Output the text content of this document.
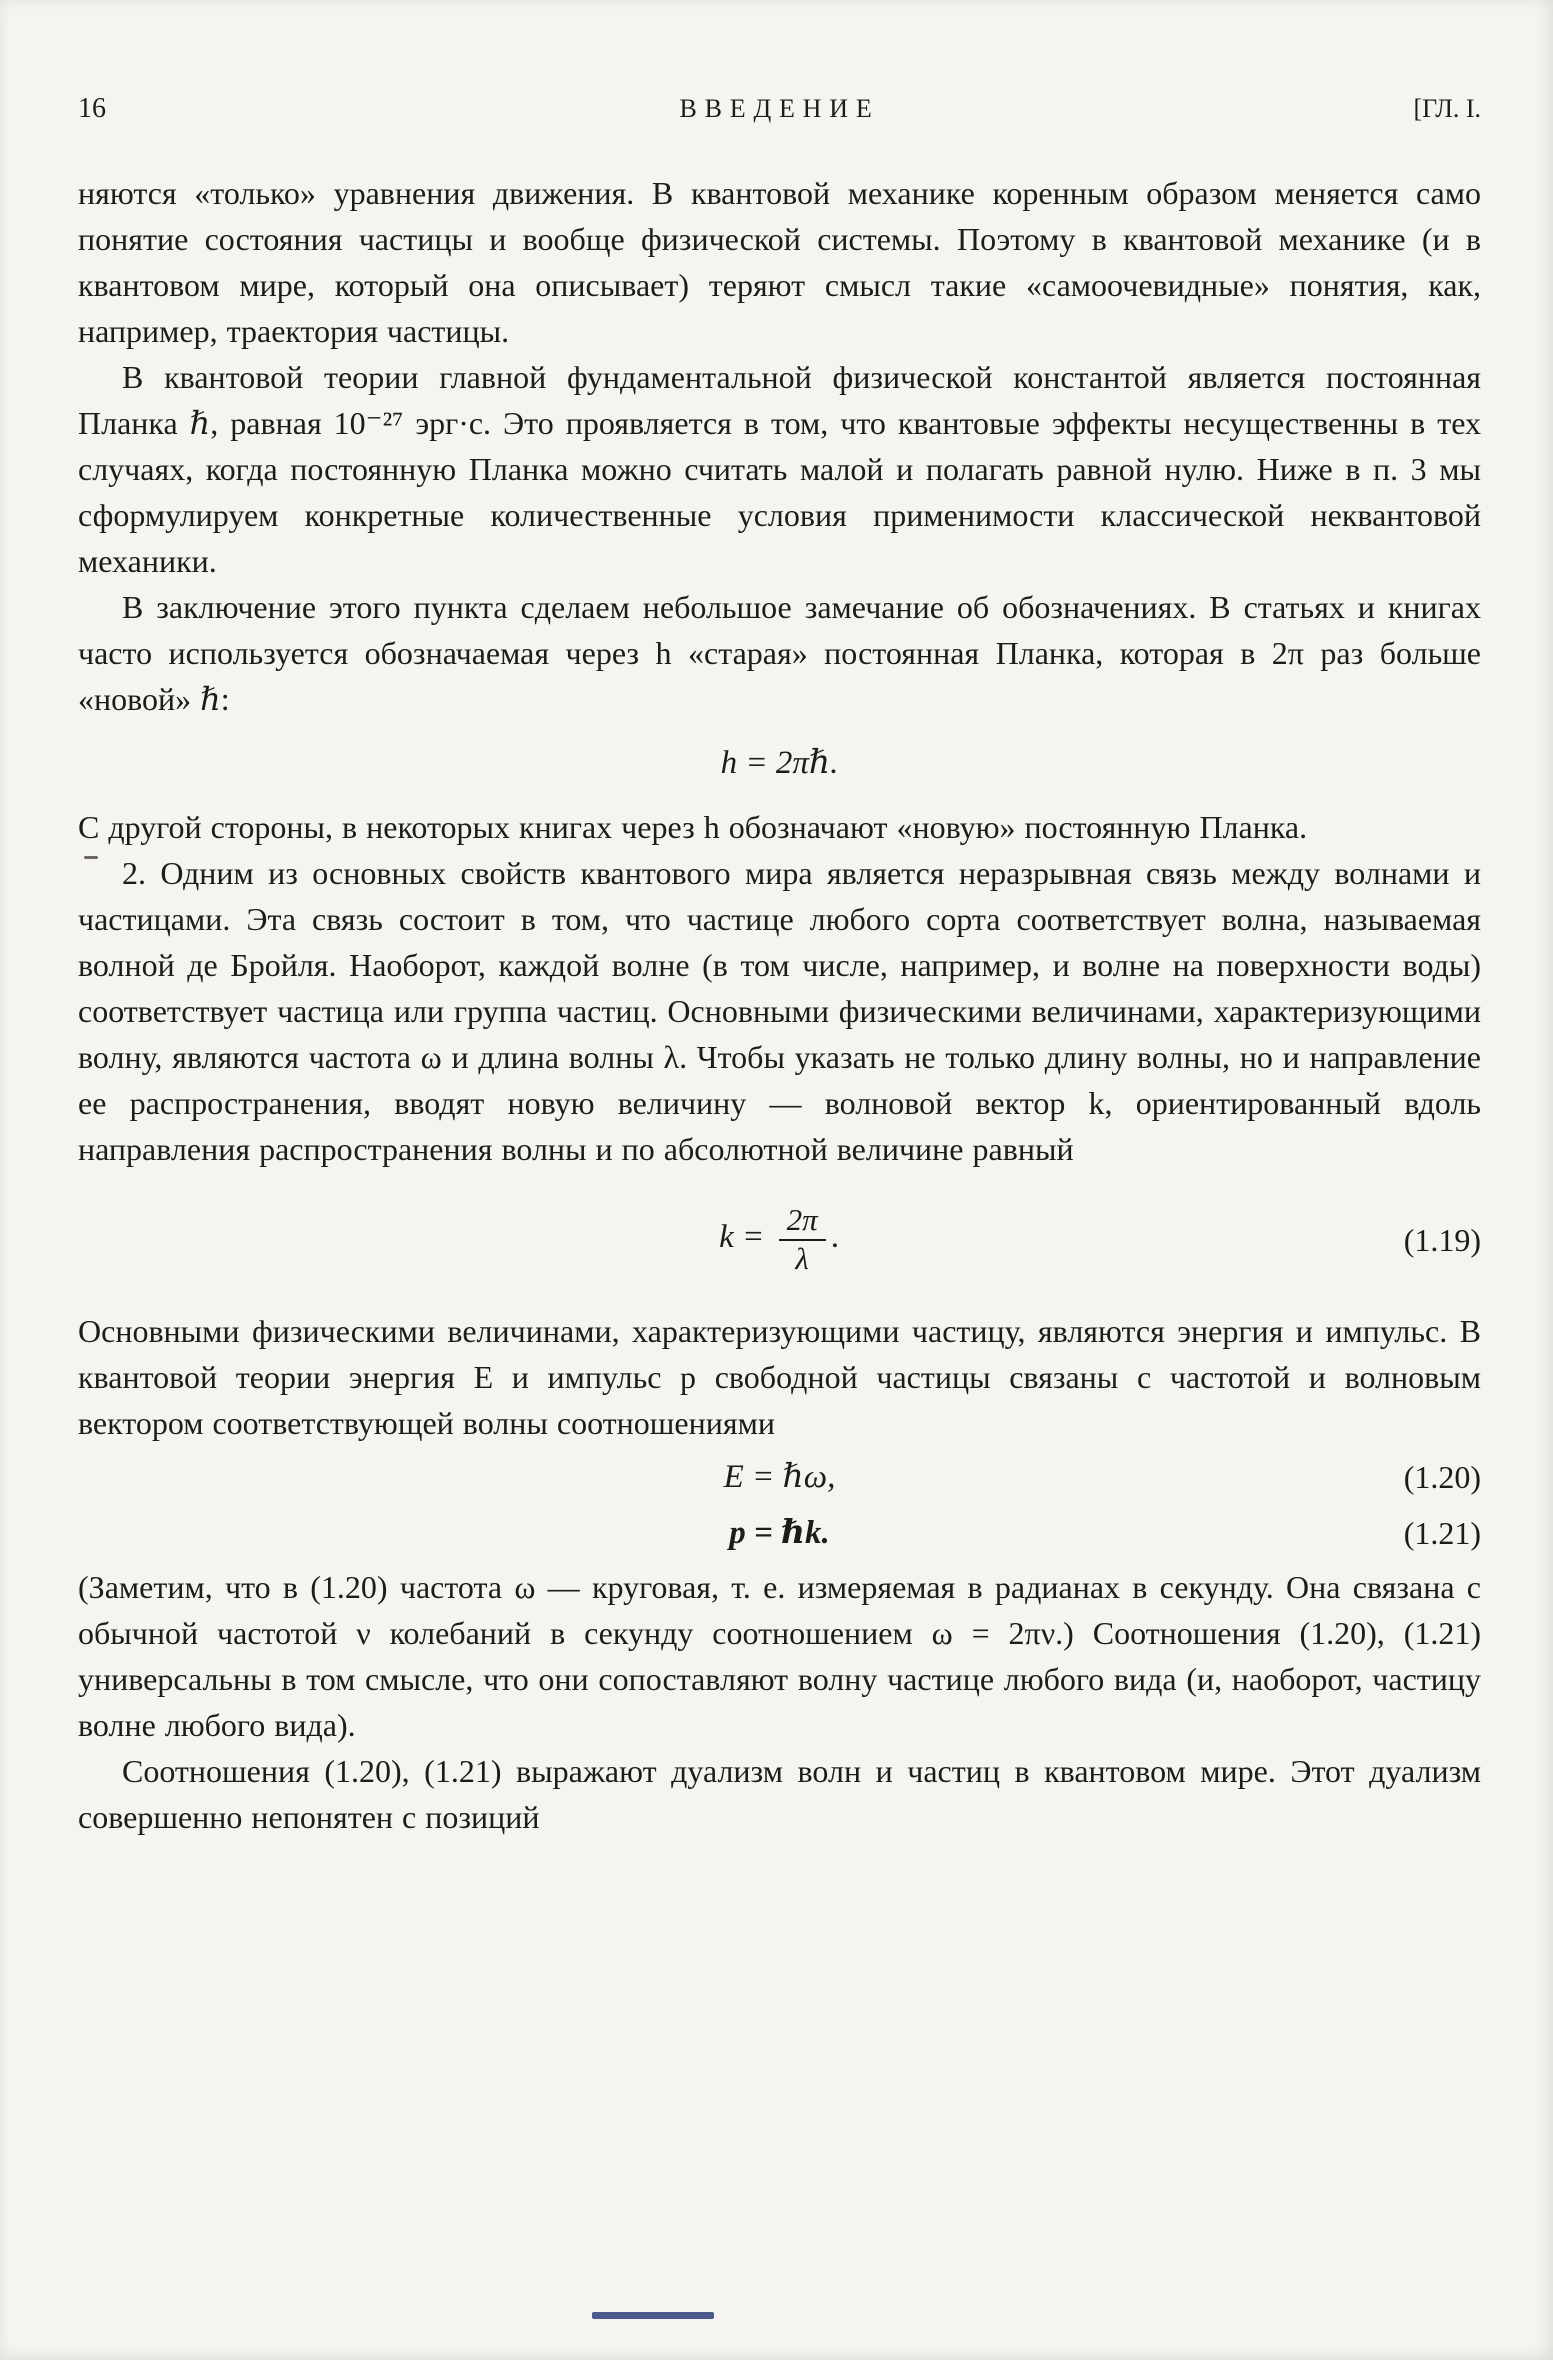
16	ВВЕДЕНИЕ	[ГЛ. I.

няются «только» уравнения движения. В квантовой механике коренным образом меняется само понятие состояния частицы и вообще физической системы. Поэтому в квантовой механике (и в квантовом мире, который она описывает) теряют смысл такие «самоочевидные» понятия, как, например, траектория частицы.

В квантовой теории главной фундаментальной физической константой является постоянная Планка ℏ, равная 10⁻²⁷ эрг·с. Это проявляется в том, что квантовые эффекты несущественны в тех случаях, когда постоянную Планка можно считать малой и полагать равной нулю. Ниже в п. 3 мы сформулируем конкретные количественные условия применимости классической неквантовой механики.

В заключение этого пункта сделаем небольшое замечание об обозначениях. В статьях и книгах часто используется обозначаемая через h «старая» постоянная Планка, которая в 2π раз больше «новой» ℏ:

h = 2πℏ.

С другой стороны, в некоторых книгах через h обозначают «новую» постоянную Планка.

2. Одним из основных свойств квантового мира является неразрывная связь между волнами и частицами. Эта связь состоит в том, что частице любого сорта соответствует волна, называемая волной де Бройля. Наоборот, каждой волне (в том числе, например, и волне на поверхности воды) соответствует частица или группа частиц. Основными физическими величинами, характеризующими волну, являются частота ω и длина волны λ. Чтобы указать не только длину волны, но и направление ее распространения, вводят новую величину — волновой вектор k, ориентированный вдоль направления распространения волны и по абсолютной величине равный

$k = \frac{2\pi}{\lambda}$ .	(1.19)

Основными физическими величинами, характеризующими частицу, являются энергия и импульс. В квантовой теории энергия E и импульс p свободной частицы связаны с частотой и волновым вектором соответствующей волны соотношениями

E = ℏω,	(1.20)
p = ℏk.	(1.21)

(Заметим, что в (1.20) частота ω — круговая, т. е. измеряемая в радианах в секунду. Она связана с обычной частотой ν колебаний в секунду соотношением ω = 2πν.) Соотношения (1.20), (1.21) универсальны в том смысле, что они сопоставляют волну частице любого вида (и, наоборот, частицу волне любого вида).

Соотношения (1.20), (1.21) выражают дуализм волн и частиц в квантовом мире. Этот дуализм совершенно непонятен с позиций
